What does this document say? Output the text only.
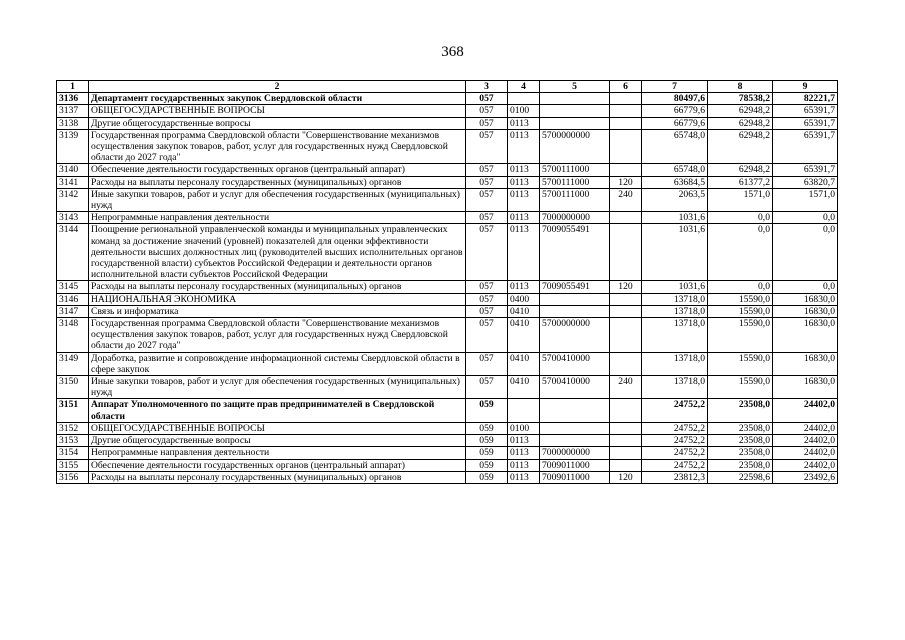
368
1	2	3	4	5	6	7	8	9
3136	Департамент государственных закупок Свердловской области	057				80497,6	78538,2	82221,7
3137	ОБЩЕГОСУДАРСТВЕННЫЕ ВОПРОСЫ	057	0100			66779,6	62948,2	65391,7
3138	Другие общегосударственные вопросы	057	0113			66779,6	62948,2	65391,7
3139	Государственная программа Свердловской области "Совершенствование механизмов осуществления закупок товаров, работ, услуг для государственных нужд Свердловской области до 2027 года"	057	0113	5700000000		65748,0	62948,2	65391,7
3140	Обеспечение деятельности государственных органов (центральный аппарат)	057	0113	5700111000		65748,0	62948,2	65391,7
3141	Расходы на выплаты персоналу государственных (муниципальных) органов	057	0113	5700111000	120	63684,5	61377,2	63820,7
3142	Иные закупки товаров, работ и услуг для обеспечения государственных (муниципальных) нужд	057	0113	5700111000	240	2063,5	1571,0	1571,0
3143	Непрограммные направления деятельности	057	0113	7000000000		1031,6	0,0	0,0
3144	Поощрение региональной управленческой команды и муниципальных управленческих команд за достижение значений (уровней) показателей для оценки эффективности деятельности высших должностных лиц (руководителей высших исполнительных органов государственной власти) субъектов Российской Федерации и деятельности органов исполнительной власти субъектов Российской Федерации	057	0113	7009055491		1031,6	0,0	0,0
3145	Расходы на выплаты персоналу государственных (муниципальных) органов	057	0113	7009055491	120	1031,6	0,0	0,0
3146	НАЦИОНАЛЬНАЯ ЭКОНОМИКА	057	0400			13718,0	15590,0	16830,0
3147	Связь и информатика	057	0410			13718,0	15590,0	16830,0
3148	Государственная программа Свердловской области "Совершенствование механизмов осуществления закупок товаров, работ, услуг для государственных нужд Свердловской области до 2027 года"	057	0410	5700000000		13718,0	15590,0	16830,0
3149	Доработка, развитие и сопровождение информационной системы Свердловской области в сфере закупок	057	0410	5700410000		13718,0	15590,0	16830,0
3150	Иные закупки товаров, работ и услуг для обеспечения государственных (муниципальных) нужд	057	0410	5700410000	240	13718,0	15590,0	16830,0
3151	Аппарат Уполномоченного по защите прав предпринимателей в Свердловской области	059				24752,2	23508,0	24402,0
3152	ОБЩЕГОСУДАРСТВЕННЫЕ ВОПРОСЫ	059	0100			24752,2	23508,0	24402,0
3153	Другие общегосударственные вопросы	059	0113			24752,2	23508,0	24402,0
3154	Непрограммные направления деятельности	059	0113	7000000000		24752,2	23508,0	24402,0
3155	Обеспечение деятельности государственных органов (центральный аппарат)	059	0113	7009011000		24752,2	23508,0	24402,0
3156	Расходы на выплаты персоналу государственных (муниципальных) органов	059	0113	7009011000	120	23812,3	22598,6	23492,6
